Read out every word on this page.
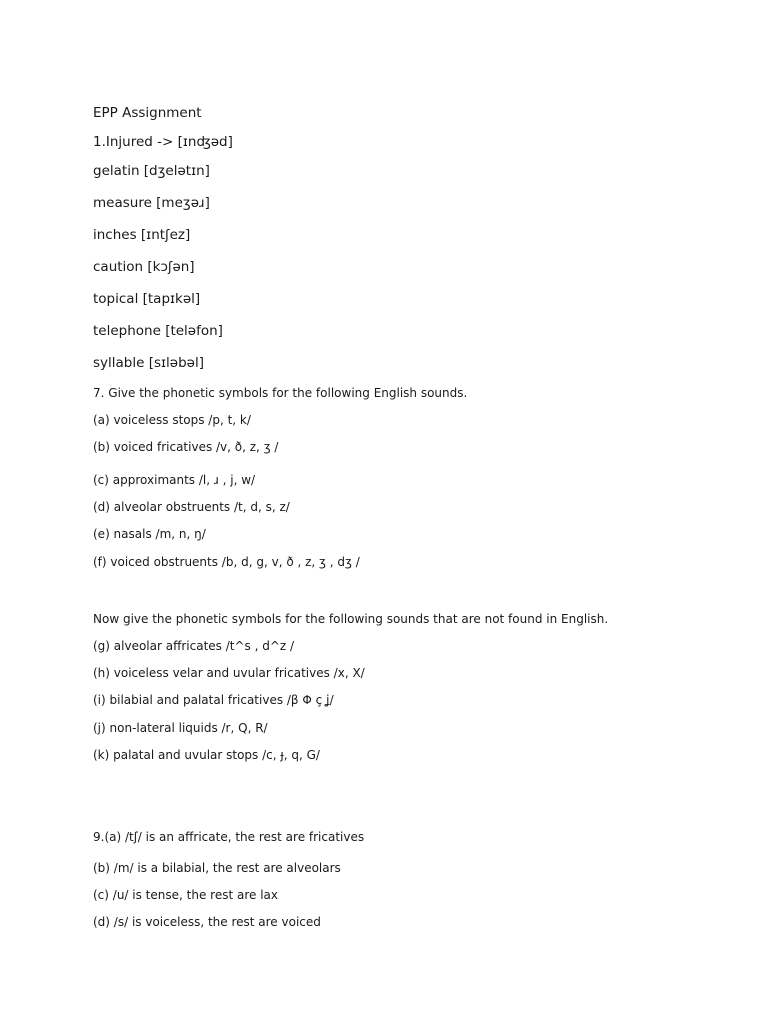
EPP Assignment
1.Injured -> [ɪnʤəd]
gelatin [dʒelətɪn]
measure [meʒəɹ]
inches [ɪntʃez]
caution [kɔʃən]
topical [tapɪkəl]
telephone [teləfon]
syllable [sɪləbəl]
7. Give the phonetic symbols for the following English sounds.
(a) voiceless stops /p, t, k/
(b) voiced fricatives /v, ð, z, ʒ /
(c) approximants /l, ɹ , j, w/
(d) alveolar obstruents /t, d, s, z/
(e) nasals /m, n, ŋ/
(f) voiced obstruents /b, d, g, v, ð , z, ʒ , dʒ /
Now give the phonetic symbols for the following sounds that are not found in English.
(g) alveolar affricates /t^s , d^z /
(h) voiceless velar and uvular fricatives /x, X/
(i) bilabial and palatal fricatives /β Φ ç ʝ/
(j) non-lateral liquids /r, Q, R/
(k) palatal and uvular stops /c, ɟ, q, G/
9.(a) /tʃ/ is an affricate, the rest are fricatives
(b) /m/ is a bilabial, the rest are alveolars
(c) /u/ is tense, the rest are lax
(d) /s/ is voiceless, the rest are voiced
